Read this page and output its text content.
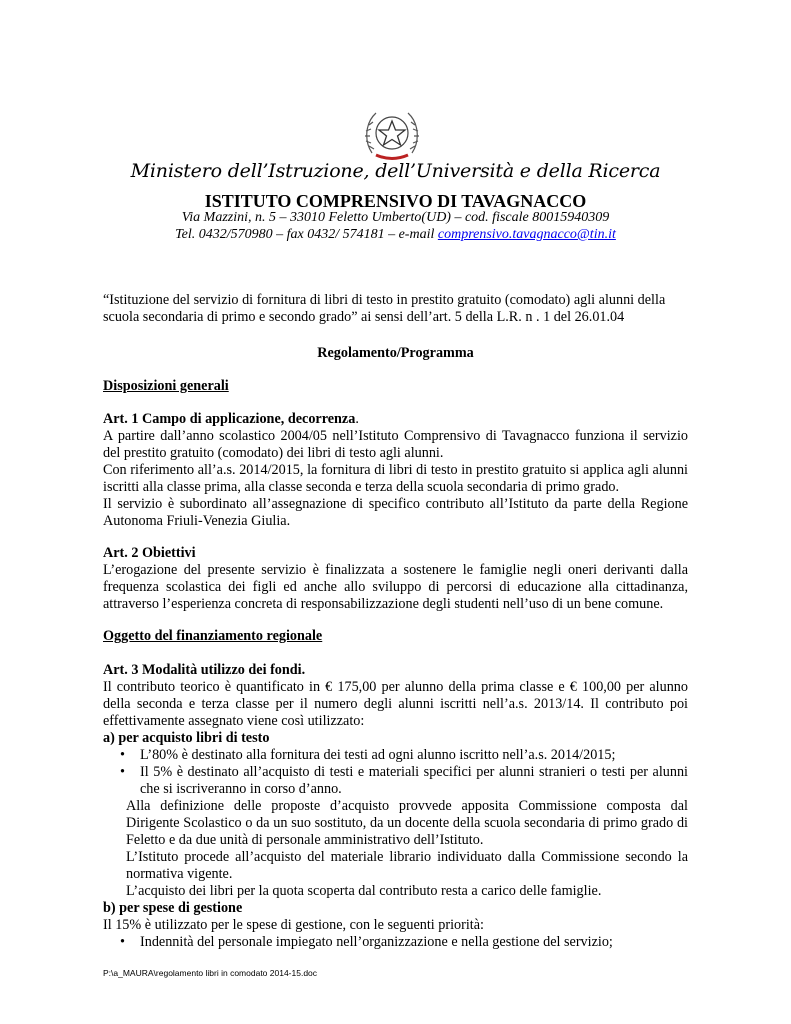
Ministero dell’Istruzione, dell’Università e della Ricerca
ISTITUTO COMPRENSIVO DI TAVAGNACCO
Via Mazzini, n. 5 – 33010 Feletto Umberto(UD) – cod. fiscale 80015940309
Tel. 0432/570980 – fax 0432/ 574181 – e-mail comprensivo.tavagnacco@tin.it
“Istituzione del servizio di fornitura di libri di testo in prestito gratuito (comodato) agli alunni della scuola secondaria di primo e secondo grado” ai sensi dell’art. 5 della L.R. n . 1 del 26.01.04
Regolamento/Programma
Disposizioni generali

Art. 1 Campo di applicazione, decorrenza.

A partire dall’anno scolastico 2004/05 nell’Istituto Comprensivo di Tavagnacco funziona il servizio del prestito gratuito (comodato) dei libri di testo agli alunni.

Con riferimento all’a.s. 2014/2015, la fornitura di libri di testo in prestito gratuito si applica agli alunni iscritti alla classe prima, alla classe seconda e terza della scuola secondaria di primo grado.

Il servizio è subordinato all’assegnazione di specifico contributo all’Istituto da parte della Regione Autonoma Friuli-Venezia Giulia.

Art. 2 Obiettivi

L’erogazione del presente servizio è finalizzata a sostenere le famiglie negli oneri derivanti dalla frequenza scolastica dei figli ed anche allo sviluppo di percorsi di educazione alla cittadinanza, attraverso l’esperienza concreta di responsabilizzazione degli studenti nell’uso di un bene comune.

Oggetto del finanziamento regionale

Art. 3 Modalità utilizzo dei fondi.

Il contributo teorico è quantificato in € 175,00 per alunno della prima classe e € 100,00 per alunno della seconda e terza classe per il numero degli alunni iscritti nell’a.s. 2013/14. Il contributo poi effettivamente assegnato viene così utilizzato:

a) per acquisto libri di testo

• L’80% è destinato alla fornitura dei testi ad ogni alunno iscritto nell’a.s. 2014/2015;
• Il 5% è destinato all’acquisto di testi e materiali specifici per alunni stranieri o testi per alunni che si iscriveranno in corso d’anno.

Alla definizione delle proposte d’acquisto provvede apposita Commissione composta dal Dirigente Scolastico o da un suo sostituto, da un docente della scuola secondaria di primo grado di Feletto e da due unità di personale amministrativo dell’Istituto.

L’Istituto procede all’acquisto del materiale librario individuato dalla Commissione secondo la normativa vigente.

L’acquisto dei libri per la quota scoperta dal contributo resta a carico delle famiglie.

b) per spese di gestione

Il 15% è utilizzato per le spese di gestione, con le seguenti priorità:

• Indennità del personale impiegato nell’organizzazione e nella gestione del servizio;
P:\a_MAURA\regolamento libri in comodato 2014-15.doc
